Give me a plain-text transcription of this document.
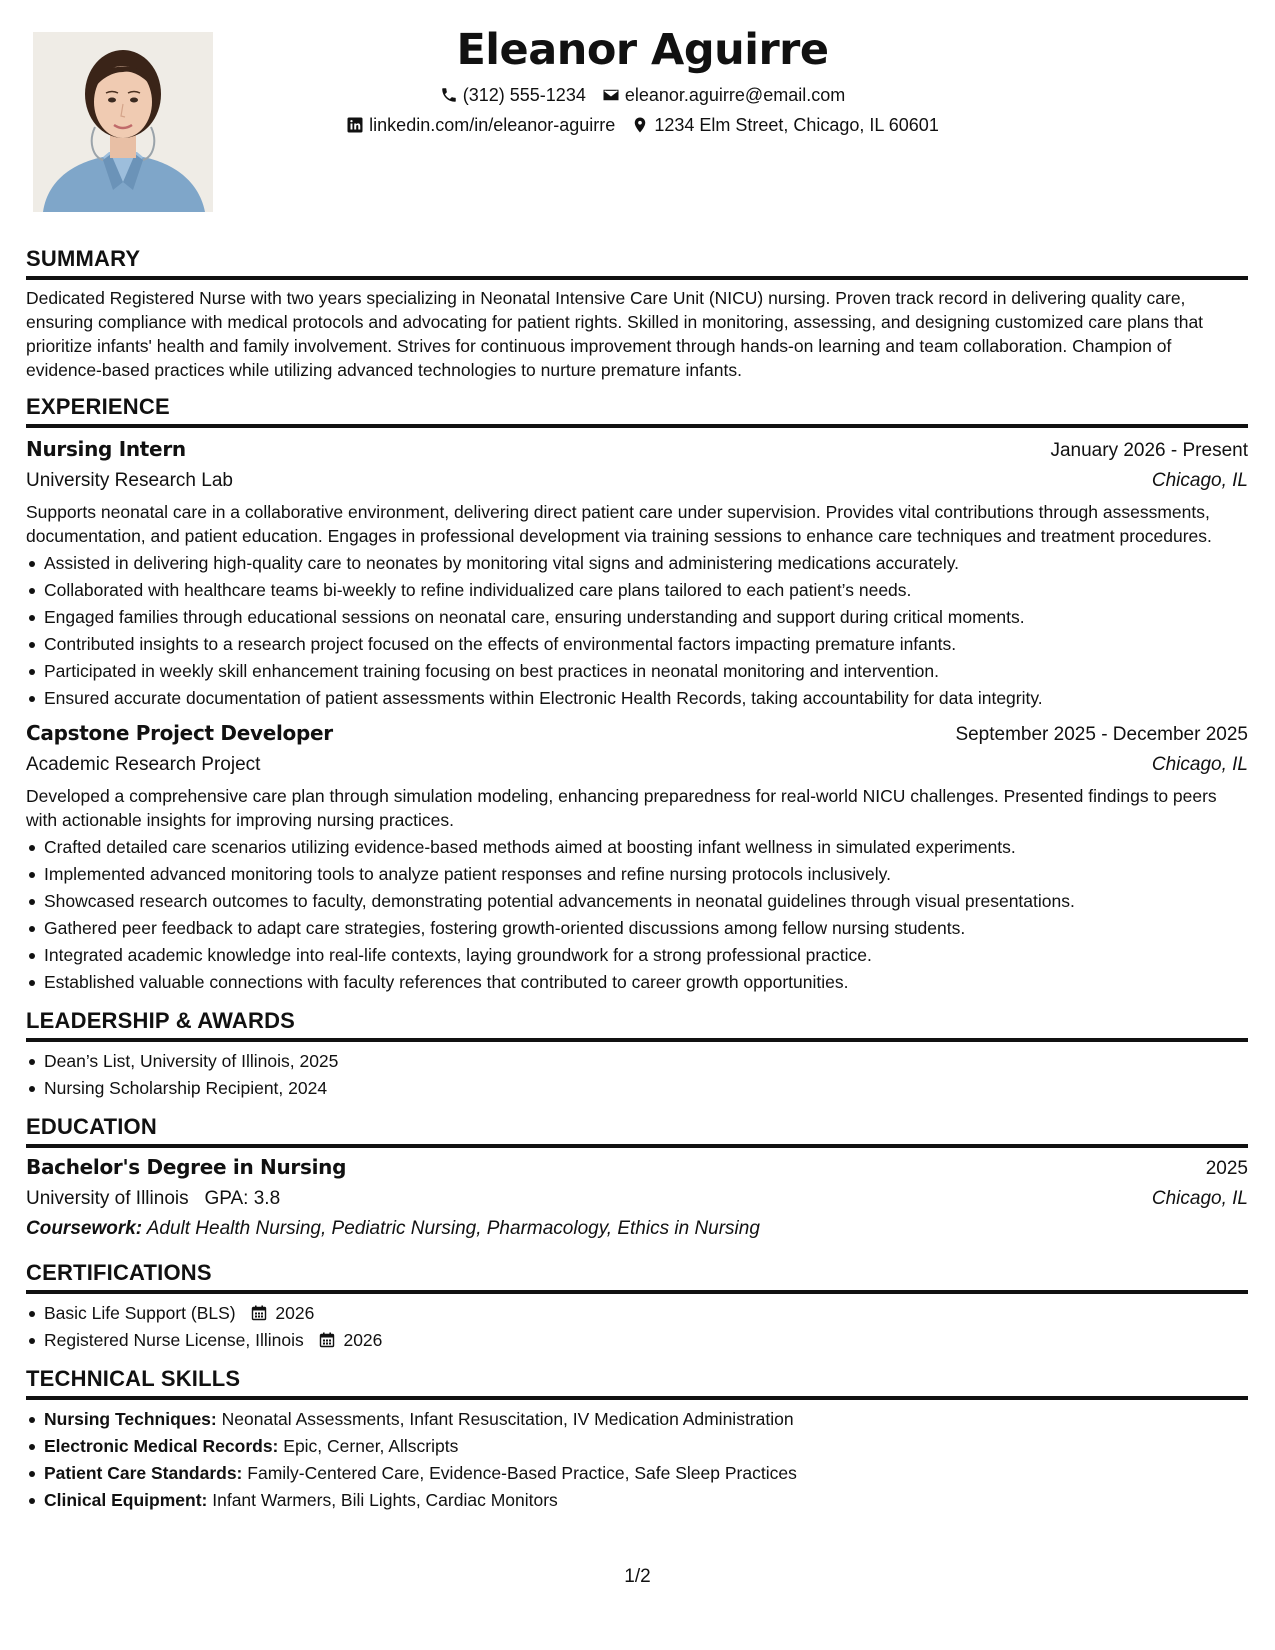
Eleanor Aguirre
(312) 555-1234 eleanor.aguirre@email.com
linkedin.com/in/eleanor-aguirre 1234 Elm Street, Chicago, IL 60601
SUMMARY
Dedicated Registered Nurse with two years specializing in Neonatal Intensive Care Unit (NICU) nursing. Proven track record in delivering quality care, ensuring compliance with medical protocols and advocating for patient rights. Skilled in monitoring, assessing, and designing customized care plans that prioritize infants' health and family involvement. Strives for continuous improvement through hands-on learning and team collaboration. Champion of evidence-based practices while utilizing advanced technologies to nurture premature infants.
EXPERIENCE
Nursing Intern	January 2026 - Present
University Research Lab	Chicago, IL
Supports neonatal care in a collaborative environment, delivering direct patient care under supervision. Provides vital contributions through assessments, documentation, and patient education. Engages in professional development via training sessions to enhance care techniques and treatment procedures.
Assisted in delivering high-quality care to neonates by monitoring vital signs and administering medications accurately.
Collaborated with healthcare teams bi-weekly to refine individualized care plans tailored to each patient’s needs.
Engaged families through educational sessions on neonatal care, ensuring understanding and support during critical moments.
Contributed insights to a research project focused on the effects of environmental factors impacting premature infants.
Participated in weekly skill enhancement training focusing on best practices in neonatal monitoring and intervention.
Ensured accurate documentation of patient assessments within Electronic Health Records, taking accountability for data integrity.
Capstone Project Developer	September 2025 - December 2025
Academic Research Project	Chicago, IL
Developed a comprehensive care plan through simulation modeling, enhancing preparedness for real-world NICU challenges. Presented findings to peers with actionable insights for improving nursing practices.
Crafted detailed care scenarios utilizing evidence-based methods aimed at boosting infant wellness in simulated experiments.
Implemented advanced monitoring tools to analyze patient responses and refine nursing protocols inclusively.
Showcased research outcomes to faculty, demonstrating potential advancements in neonatal guidelines through visual presentations.
Gathered peer feedback to adapt care strategies, fostering growth-oriented discussions among fellow nursing students.
Integrated academic knowledge into real-life contexts, laying groundwork for a strong professional practice.
Established valuable connections with faculty references that contributed to career growth opportunities.
LEADERSHIP & AWARDS
Dean’s List, University of Illinois, 2025
Nursing Scholarship Recipient, 2024
EDUCATION
Bachelor's Degree in Nursing	2025
University of Illinois GPA: 3.8	Chicago, IL
Coursework: Adult Health Nursing, Pediatric Nursing, Pharmacology, Ethics in Nursing
CERTIFICATIONS
Basic Life Support (BLS) 2026
Registered Nurse License, Illinois 2026
TECHNICAL SKILLS
Nursing Techniques: Neonatal Assessments, Infant Resuscitation, IV Medication Administration
Electronic Medical Records: Epic, Cerner, Allscripts
Patient Care Standards: Family-Centered Care, Evidence-Based Practice, Safe Sleep Practices
Clinical Equipment: Infant Warmers, Bili Lights, Cardiac Monitors
1/2
